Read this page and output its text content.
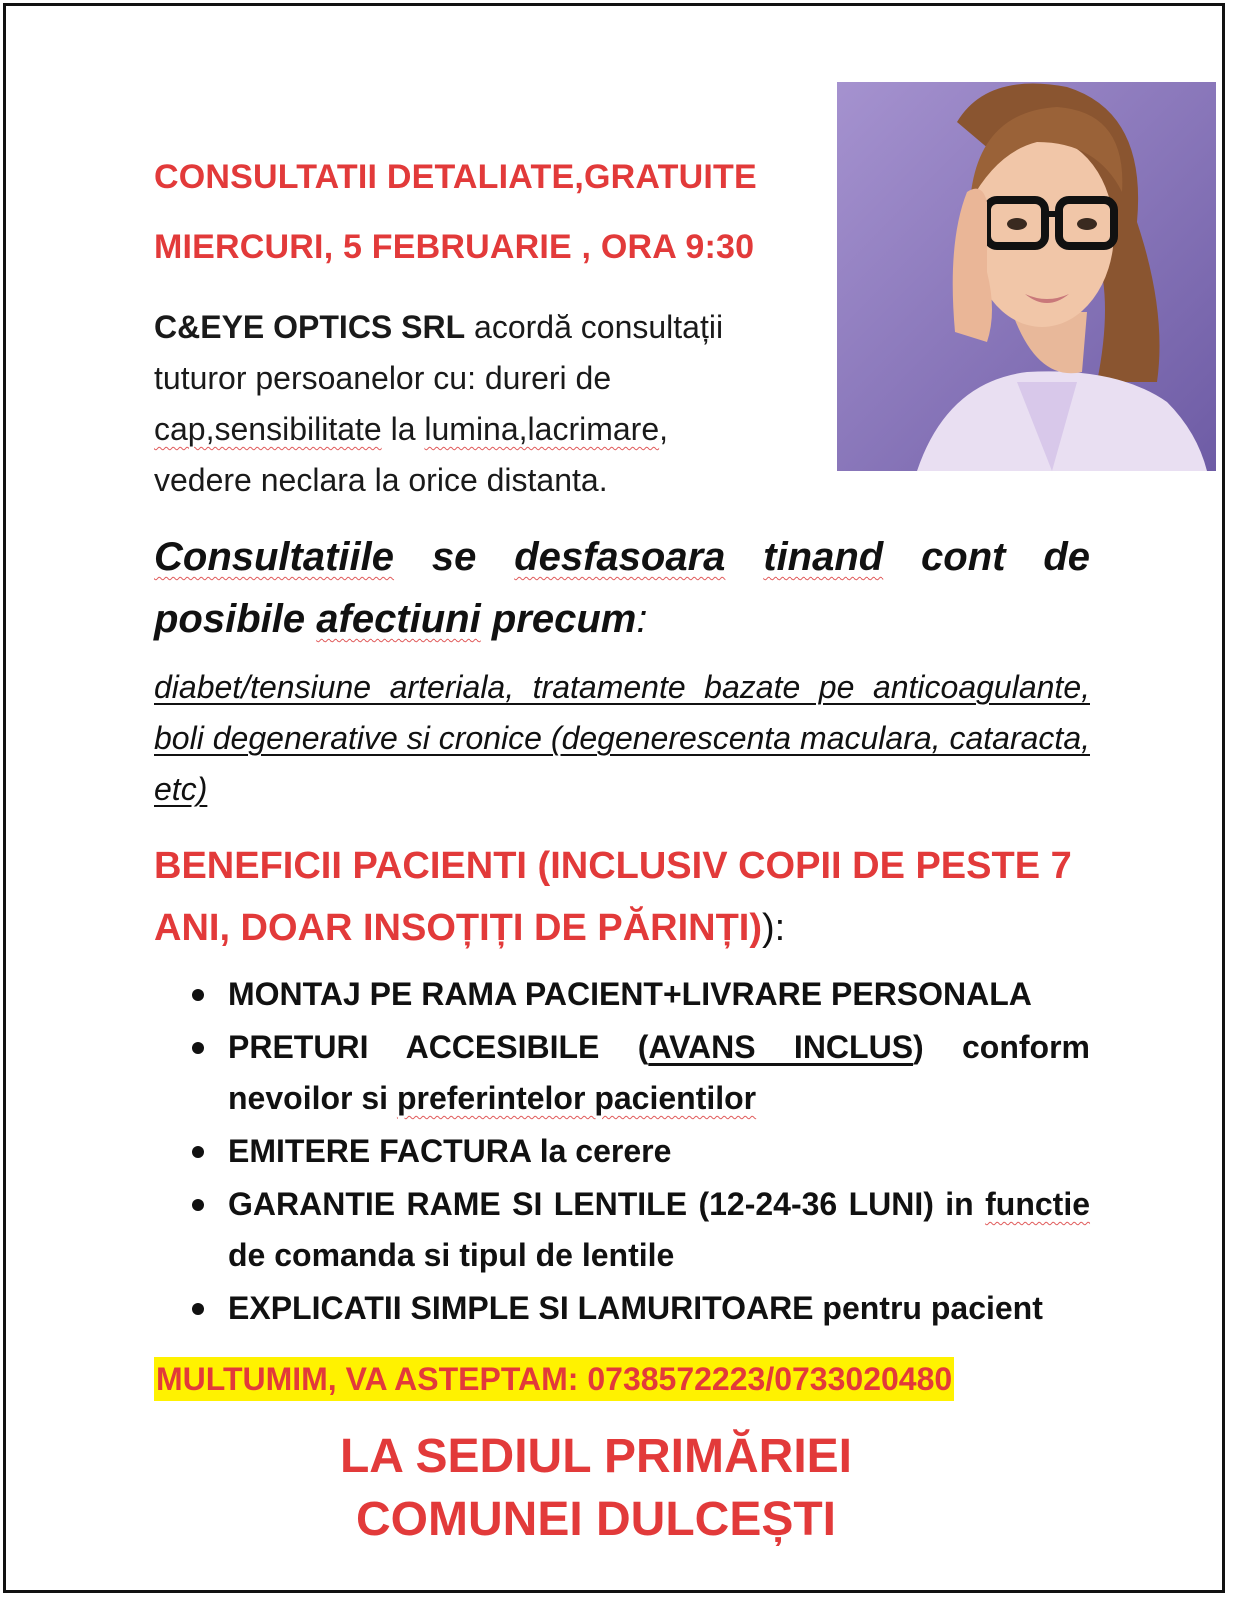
CONSULTATII DETALIATE,GRATUITE
MIERCURI, 5 FEBRUARIE , ORA 9:30
C&EYE OPTICS SRL acordă consultații tuturor persoanelor cu: dureri de cap,sensibilitate la lumina,lacrimare, vedere neclara la orice distanta.
Consultatiile se desfasoara tinand cont de posibile afectiuni precum:
diabet/tensiune arteriala, tratamente bazate pe anticoagulante, boli degenerative si cronice (degenerescenta maculara, cataracta, etc)
BENEFICII PACIENTI (INCLUSIV COPII DE PESTE 7 ANI, DOAR INSOȚIȚI DE PĂRINȚI)):
MONTAJ PE RAMA PACIENT+LIVRARE PERSONALA
PRETURI ACCESIBILE (AVANS INCLUS) conform nevoilor si preferintelor pacientilor
EMITERE FACTURA la cerere
GARANTIE RAME SI LENTILE (12-24-36 LUNI) in functie de comanda si tipul de lentile
EXPLICATII SIMPLE SI LAMURITOARE pentru pacient
MULTUMIM, VA ASTEPTAM: 0738572223/0733020480
LA SEDIUL PRIMĂRIEI
COMUNEI DULCEȘTI
